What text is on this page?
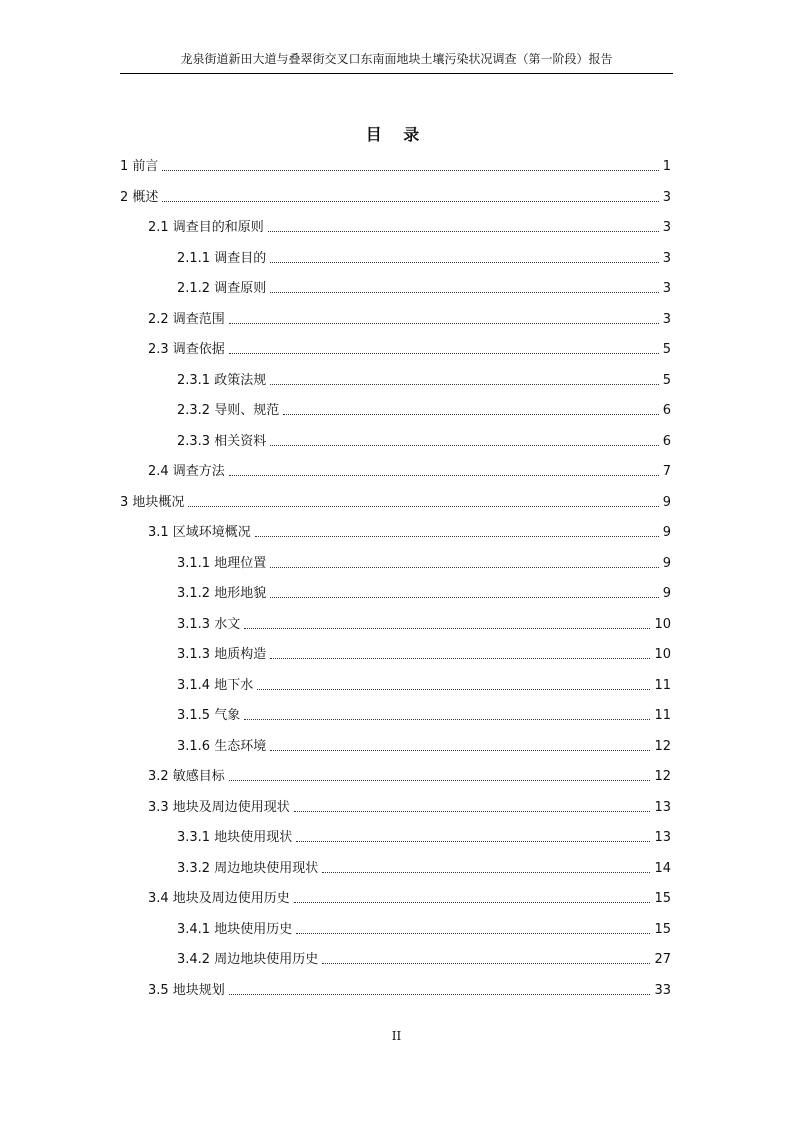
龙泉街道新田大道与叠翠街交叉口东南面地块土壤污染状况调查（第一阶段）报告
目 录
1 前言	1
2 概述	3
2.1 调查目的和原则	3
2.1.1 调查目的	3
2.1.2 调查原则	3
2.2 调查范围	3
2.3 调查依据	5
2.3.1 政策法规	5
2.3.2 导则、规范	6
2.3.3 相关资料	6
2.4 调查方法	7
3 地块概况	9
3.1 区域环境概况	9
3.1.1 地理位置	9
3.1.2 地形地貌	9
3.1.3 水文	10
3.1.3 地质构造	10
3.1.4 地下水	11
3.1.5 气象	11
3.1.6 生态环境	12
3.2 敏感目标	12
3.3 地块及周边使用现状	13
3.3.1 地块使用现状	13
3.3.2 周边地块使用现状	14
3.4 地块及周边使用历史	15
3.4.1 地块使用历史	15
3.4.2 周边地块使用历史	27
3.5 地块规划	33
II
